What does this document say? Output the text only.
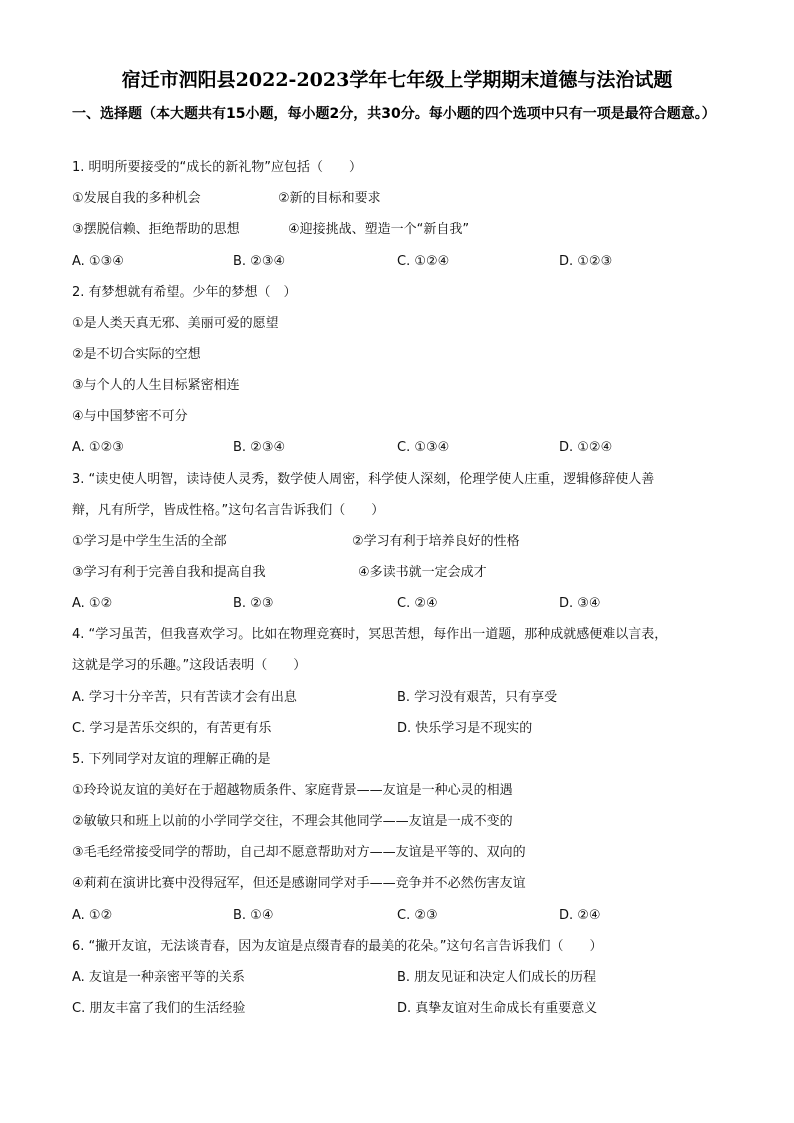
宿迁市泗阳县2022-2023学年七年级上学期期末道德与法治试题
一、选择题（本大题共有15小题，每小题2分，共30分。每小题的四个选项中只有一项是最符合题意。）
1. 明明所要接受的“成长的新礼物”应包括（　　）
①发展自我的多种机会	②新的目标和要求
③摆脱信赖、拒绝帮助的思想	④迎接挑战、塑造一个“新自我”
A. ①③④	B. ②③④	C. ①②④	D. ①②③
2. 有梦想就有希望。少年的梦想（　）
①是人类天真无邪、美丽可爱的愿望
②是不切合实际的空想
③与个人的人生目标紧密相连
④与中国梦密不可分
A. ①②③	B. ②③④	C. ①③④	D. ①②④
3. “读史使人明智，读诗使人灵秀，数学使人周密，科学使人深刻，伦理学使人庄重，逻辑修辞使人善
辩，凡有所学，皆成性格。”这句名言告诉我们（　　）
①学习是中学生生活的全部	②学习有利于培养良好的性格
③学习有利于完善自我和提高自我	④多读书就一定会成才
A. ①②	B. ②③	C. ②④	D. ③④
4. “学习虽苦，但我喜欢学习。比如在物理竞赛时，冥思苦想，每作出一道题，那种成就感便难以言表，
这就是学习的乐趣。”这段话表明（　　）
A. 学习十分辛苦，只有苦读才会有出息	B. 学习没有艰苦，只有享受
C. 学习是苦乐交织的，有苦更有乐	D. 快乐学习是不现实的
5. 下列同学对友谊的理解正确的是
①玲玲说友谊的美好在于超越物质条件、家庭背景——友谊是一种心灵的相遇
②敏敏只和班上以前的小学同学交往，不理会其他同学——友谊是一成不变的
③毛毛经常接受同学的帮助，自己却不愿意帮助对方——友谊是平等的、双向的
④莉莉在演讲比赛中没得冠军，但还是感谢同学对手——竞争并不必然伤害友谊
A. ①②	B. ①④	C. ②③	D. ②④
6. “撇开友谊，无法谈青春，因为友谊是点缀青春的最美的花朵。”这句名言告诉我们（　　）
A. 友谊是一种亲密平等的关系	B. 朋友见证和决定人们成长的历程
C. 朋友丰富了我们的生活经验	D. 真挚友谊对生命成长有重要意义
